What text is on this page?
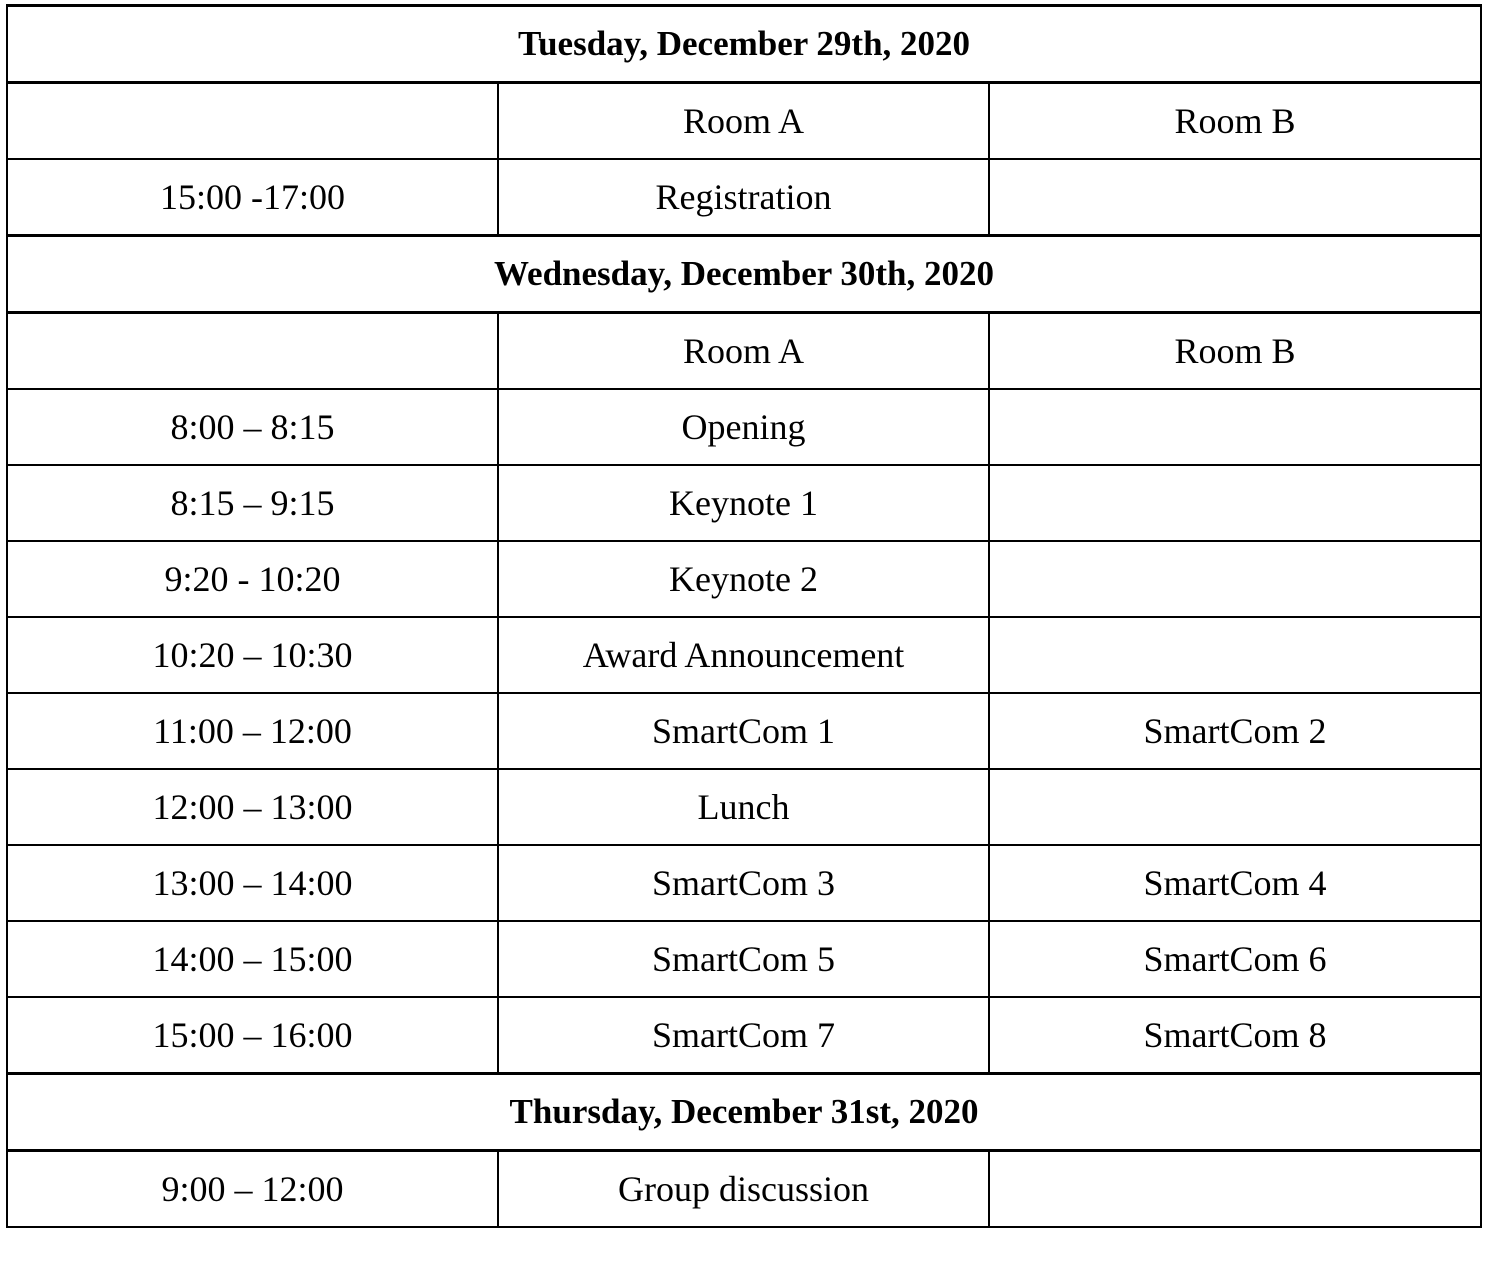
Tuesday, December 29th, 2020		
	Room A	Room B
15:00 -17:00	Registration	
Wednesday, December 30th, 2020		
	Room A	Room B
8:00 – 8:15	Opening	
8:15 – 9:15	Keynote 1	
9:20 - 10:20	Keynote 2	
10:20 – 10:30	Award Announcement	
11:00 – 12:00	SmartCom 1	SmartCom 2
12:00 – 13:00	Lunch	
13:00 – 14:00	SmartCom 3	SmartCom 4
14:00 – 15:00	SmartCom 5	SmartCom 6
15:00 – 16:00	SmartCom 7	SmartCom 8
Thursday, December 31st, 2020		
9:00 – 12:00	Group discussion	
